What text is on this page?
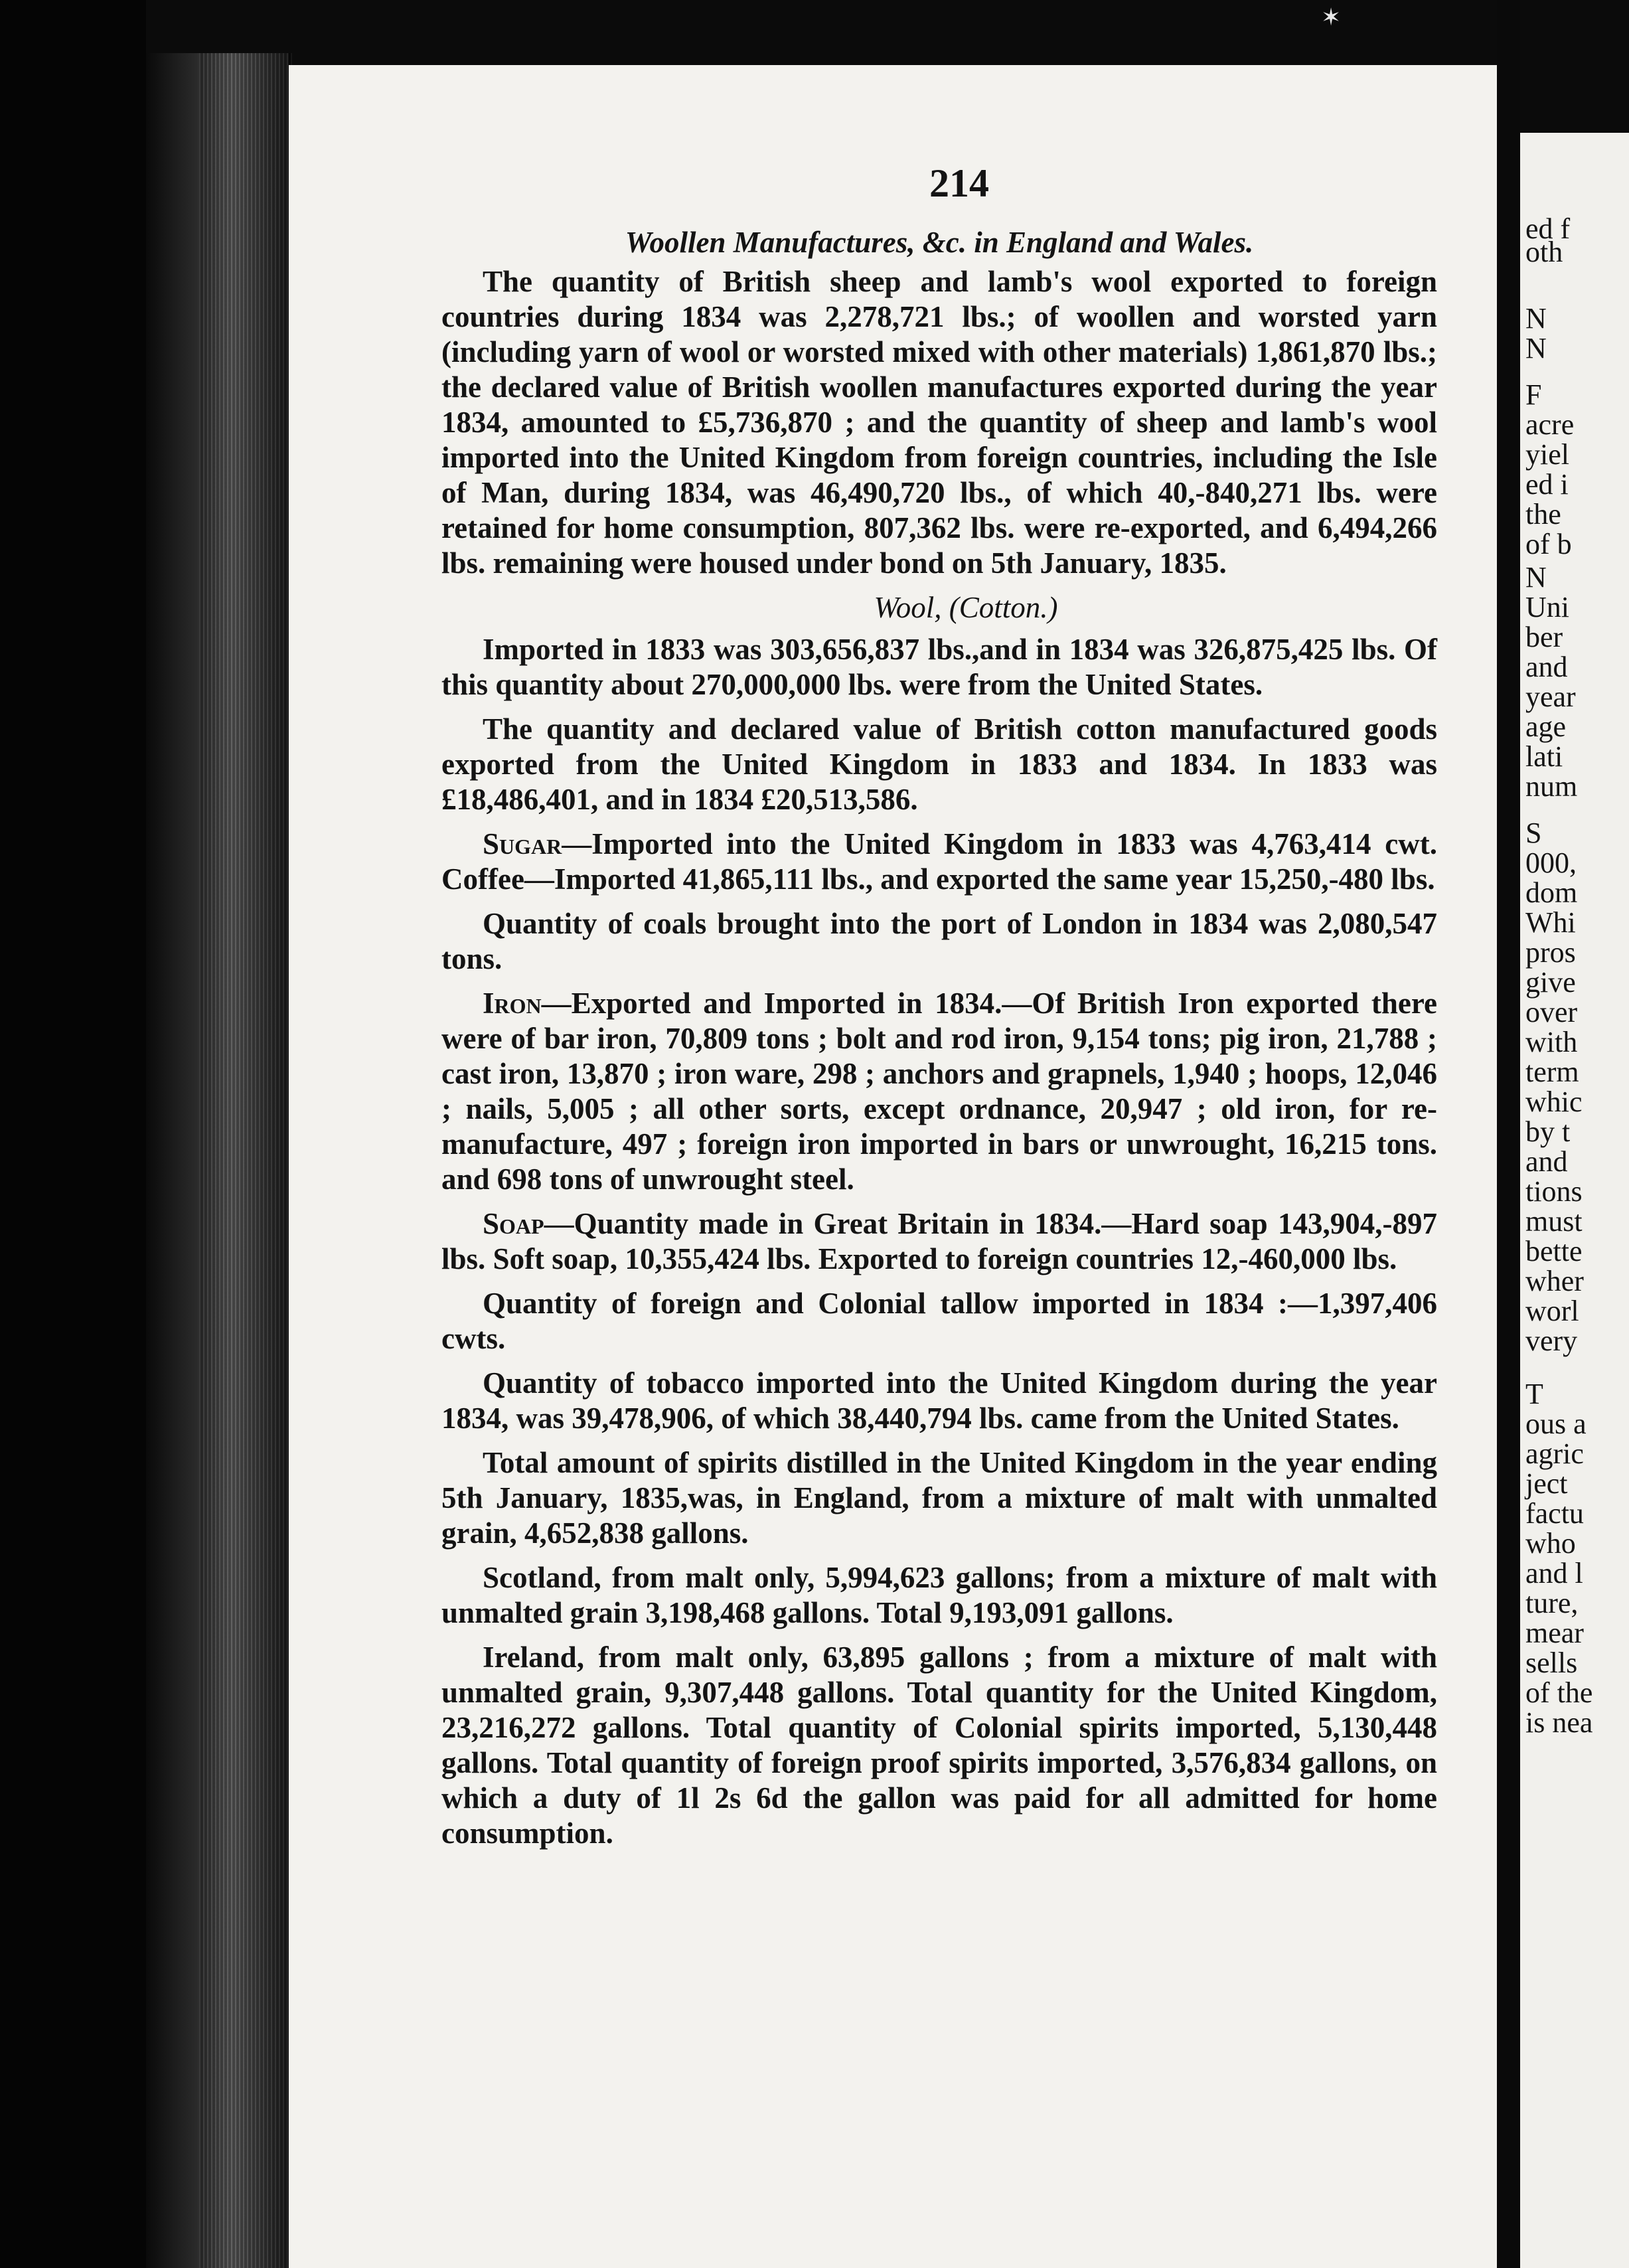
✶
ed f
oth
N
N
F
acre
yiel
ed i
the
of b
N
Uni
ber
and
year
age
lati
num
S
000,
dom
Whi
pros
give
over
with
term
whic
by t
and
tions
must
bette
wher
worl
very
T
ous a
agric
ject
factu
who
and l
ture,
mear
sells
of the
is nea
214
Woollen Manufactures, &c. in England and Wales.
The quantity of British sheep and lamb's wool exported to foreign countries during 1834 was 2,278,721 lbs.; of woollen and worsted yarn (including yarn of wool or worsted mixed with other materials) 1,861,870 lbs.; the declared value of British woollen manufactures exported during the year 1834, amounted to £5,736,870 ; and the quantity of sheep and lamb's wool imported into the United Kingdom from foreign countries, including the Isle of Man, during 1834, was 46,490,720 lbs., of which 40,-840,271 lbs. were retained for home consumption, 807,362 lbs. were re-exported, and 6,494,266 lbs. remaining were housed under bond on 5th January, 1835.
Wool, (Cotton.)
Imported in 1833 was 303,656,837 lbs.,and in 1834 was 326,875,425 lbs. Of this quantity about 270,000,000 lbs. were from the United States.
The quantity and declared value of British cotton manufactured goods exported from the United Kingdom in 1833 and 1834. In 1833 was £18,486,401, and in 1834 £20,513,586.
Sugar—Imported into the United Kingdom in 1833 was 4,763,414 cwt. Coffee—Imported 41,865,111 lbs., and exported the same year 15,250,-480 lbs.
Quantity of coals brought into the port of London in 1834 was 2,080,547 tons.
Iron—Exported and Imported in 1834.—Of British Iron exported there were of bar iron, 70,809 tons ; bolt and rod iron, 9,154 tons; pig iron, 21,788 ; cast iron, 13,870 ; iron ware, 298 ; anchors and grapnels, 1,940 ; hoops, 12,046 ; nails, 5,005 ; all other sorts, except ordnance, 20,947 ; old iron, for re-manufacture, 497 ; foreign iron imported in bars or unwrought, 16,215 tons. and 698 tons of unwrought steel.
Soap—Quantity made in Great Britain in 1834.—Hard soap 143,904,-897 lbs. Soft soap, 10,355,424 lbs. Exported to foreign countries 12,-460,000 lbs.
Quantity of foreign and Colonial tallow imported in 1834 :—1,397,406 cwts.
Quantity of tobacco imported into the United Kingdom during the year 1834, was 39,478,906, of which 38,440,794 lbs. came from the United States.
Total amount of spirits distilled in the United Kingdom in the year ending 5th January, 1835,was, in England, from a mixture of malt with unmalted grain, 4,652,838 gallons.
Scotland, from malt only, 5,994,623 gallons; from a mixture of malt with unmalted grain 3,198,468 gallons. Total 9,193,091 gallons.
Ireland, from malt only, 63,895 gallons ; from a mixture of malt with unmalted grain, 9,307,448 gallons. Total quantity for the United Kingdom, 23,216,272 gallons. Total quantity of Colonial spirits imported, 5,130,448 gallons. Total quantity of foreign proof spirits imported, 3,576,834 gallons, on which a duty of 1l 2s 6d the gallon was paid for all admitted for home consumption.
